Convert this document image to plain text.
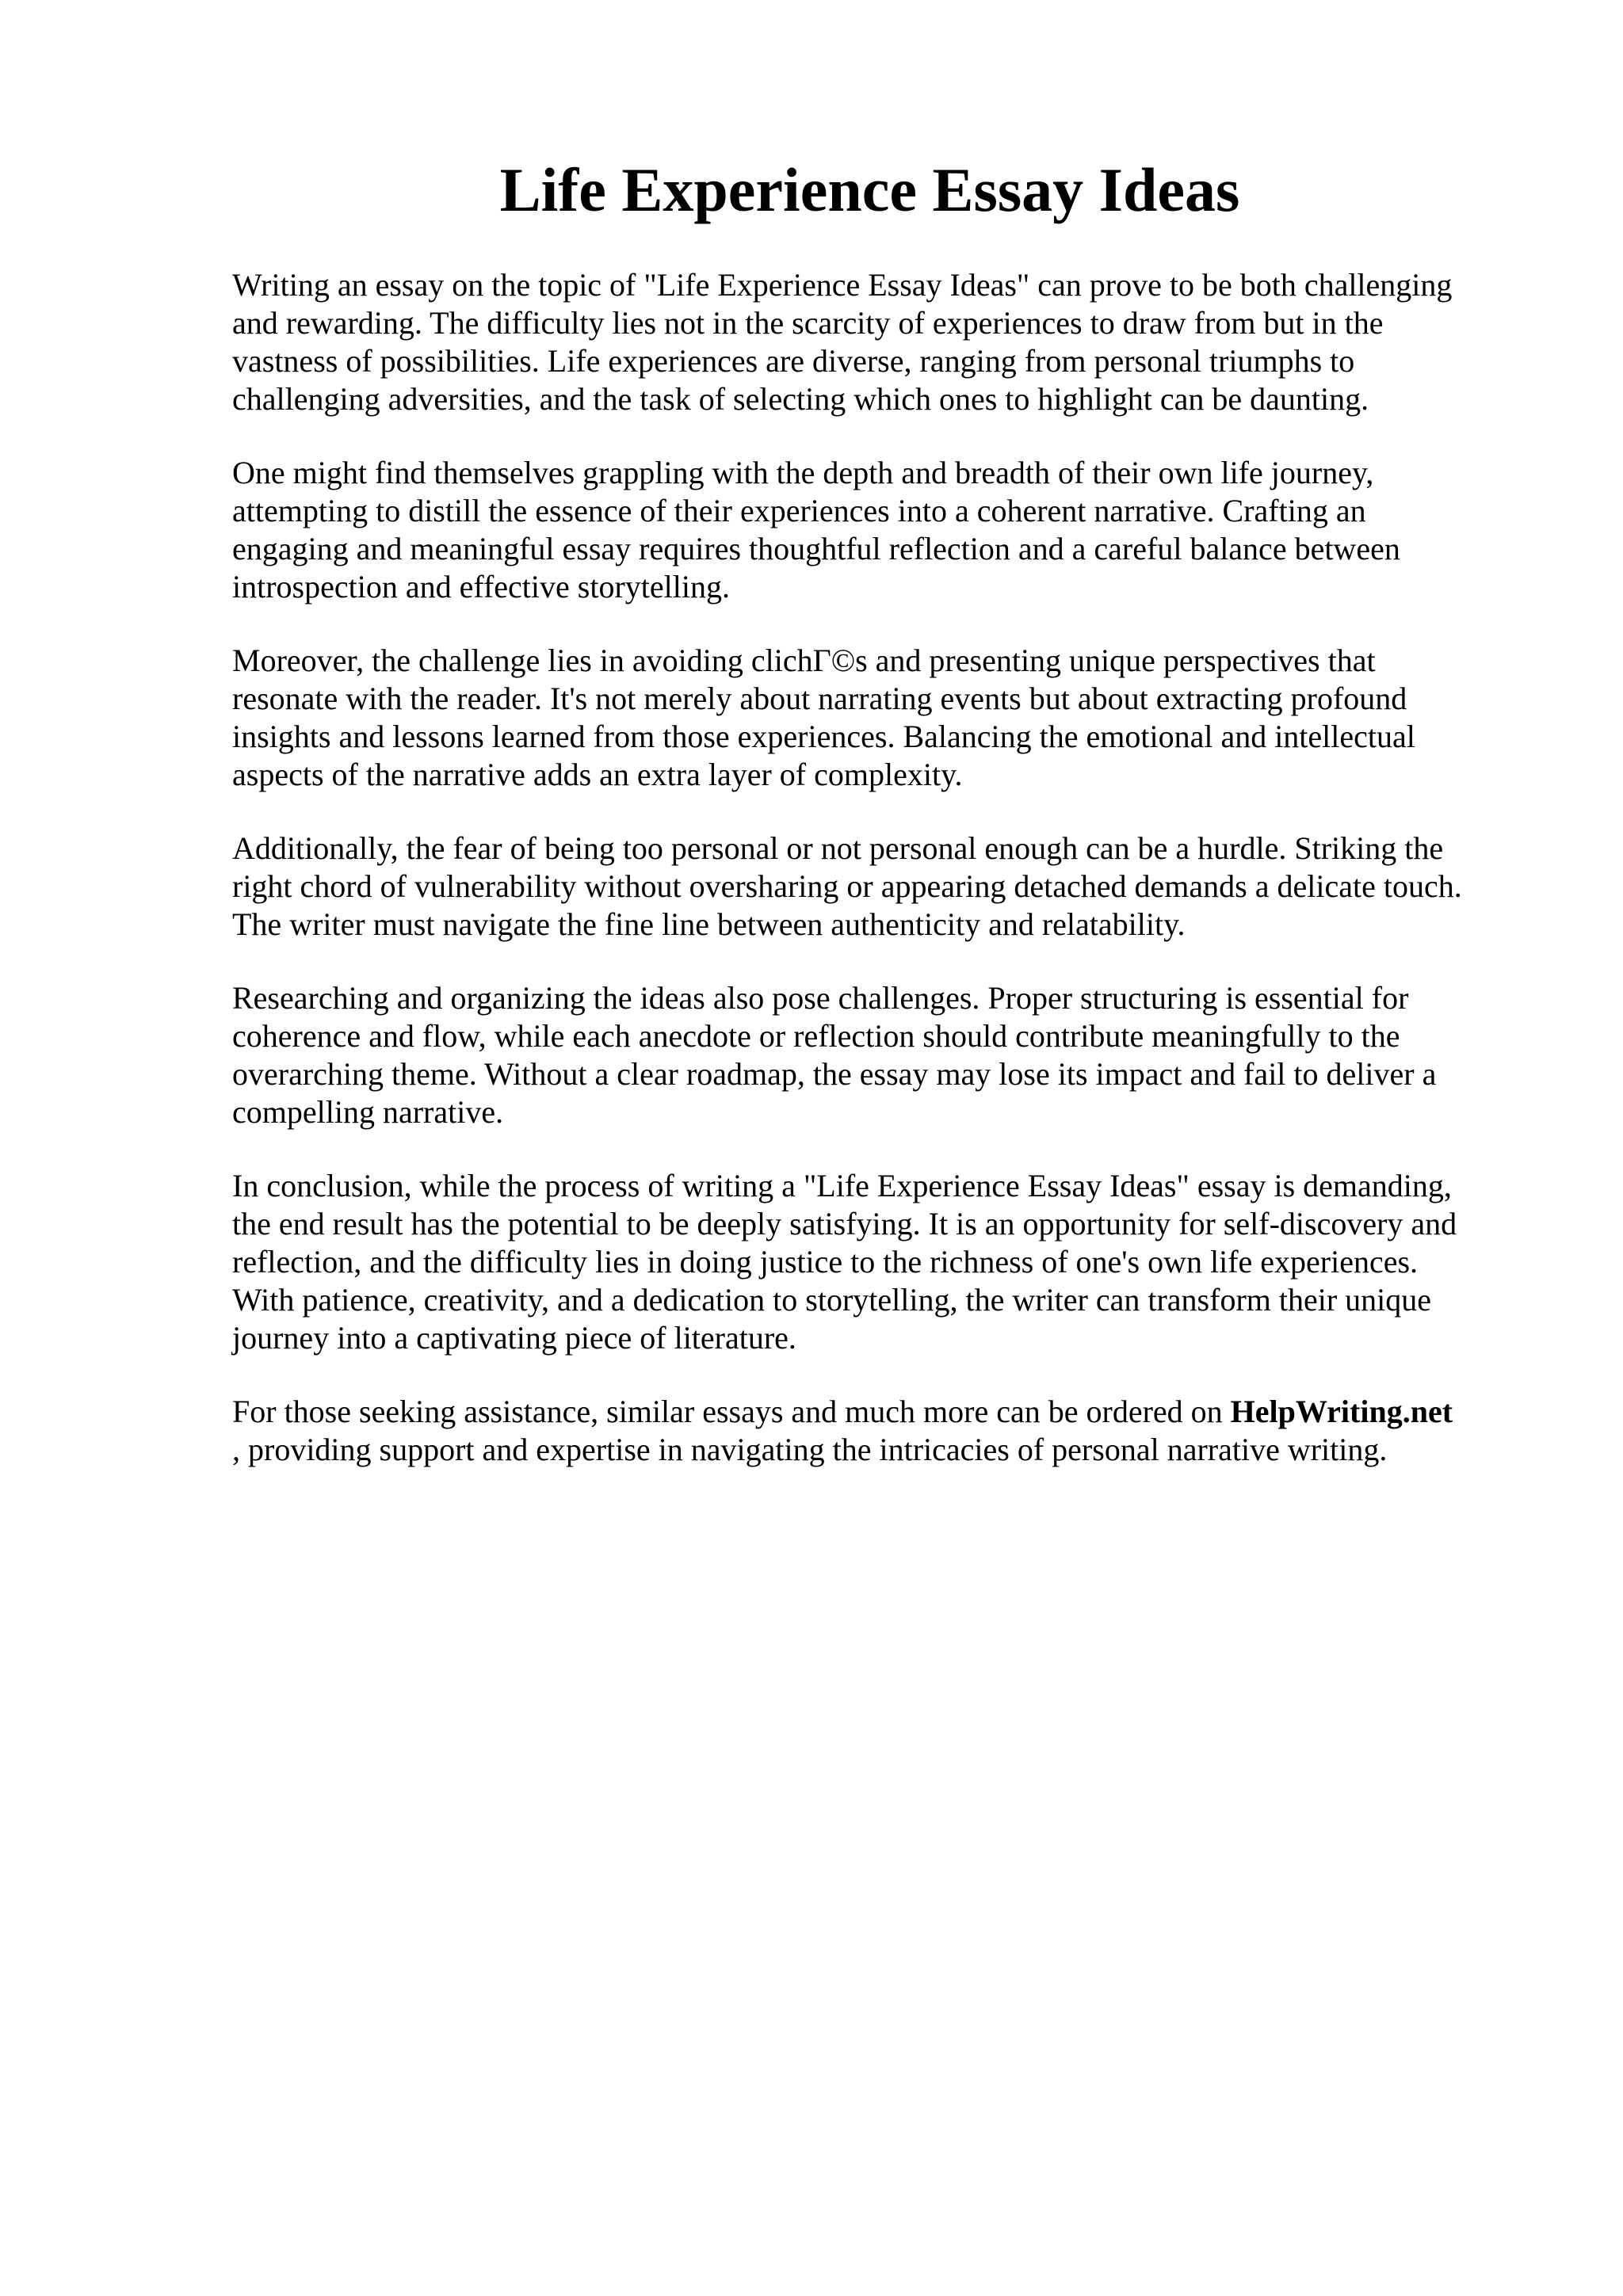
Life Experience Essay Ideas

Writing an essay on the topic of "Life Experience Essay Ideas" can prove to be both challenging
and rewarding. The difficulty lies not in the scarcity of experiences to draw from but in the
vastness of possibilities. Life experiences are diverse, ranging from personal triumphs to
challenging adversities, and the task of selecting which ones to highlight can be daunting.

One might find themselves grappling with the depth and breadth of their own life journey,
attempting to distill the essence of their experiences into a coherent narrative. Crafting an
engaging and meaningful essay requires thoughtful reflection and a careful balance between
introspection and effective storytelling.

Moreover, the challenge lies in avoiding clichΓ©s and presenting unique perspectives that
resonate with the reader. It's not merely about narrating events but about extracting profound
insights and lessons learned from those experiences. Balancing the emotional and intellectual
aspects of the narrative adds an extra layer of complexity.

Additionally, the fear of being too personal or not personal enough can be a hurdle. Striking the
right chord of vulnerability without oversharing or appearing detached demands a delicate touch.
The writer must navigate the fine line between authenticity and relatability.

Researching and organizing the ideas also pose challenges. Proper structuring is essential for
coherence and flow, while each anecdote or reflection should contribute meaningfully to the
overarching theme. Without a clear roadmap, the essay may lose its impact and fail to deliver a
compelling narrative.

In conclusion, while the process of writing a "Life Experience Essay Ideas" essay is demanding,
the end result has the potential to be deeply satisfying. It is an opportunity for self-discovery and
reflection, and the difficulty lies in doing justice to the richness of one's own life experiences.
With patience, creativity, and a dedication to storytelling, the writer can transform their unique
journey into a captivating piece of literature.

For those seeking assistance, similar essays and much more can be ordered on HelpWriting.net
, providing support and expertise in navigating the intricacies of personal narrative writing.
